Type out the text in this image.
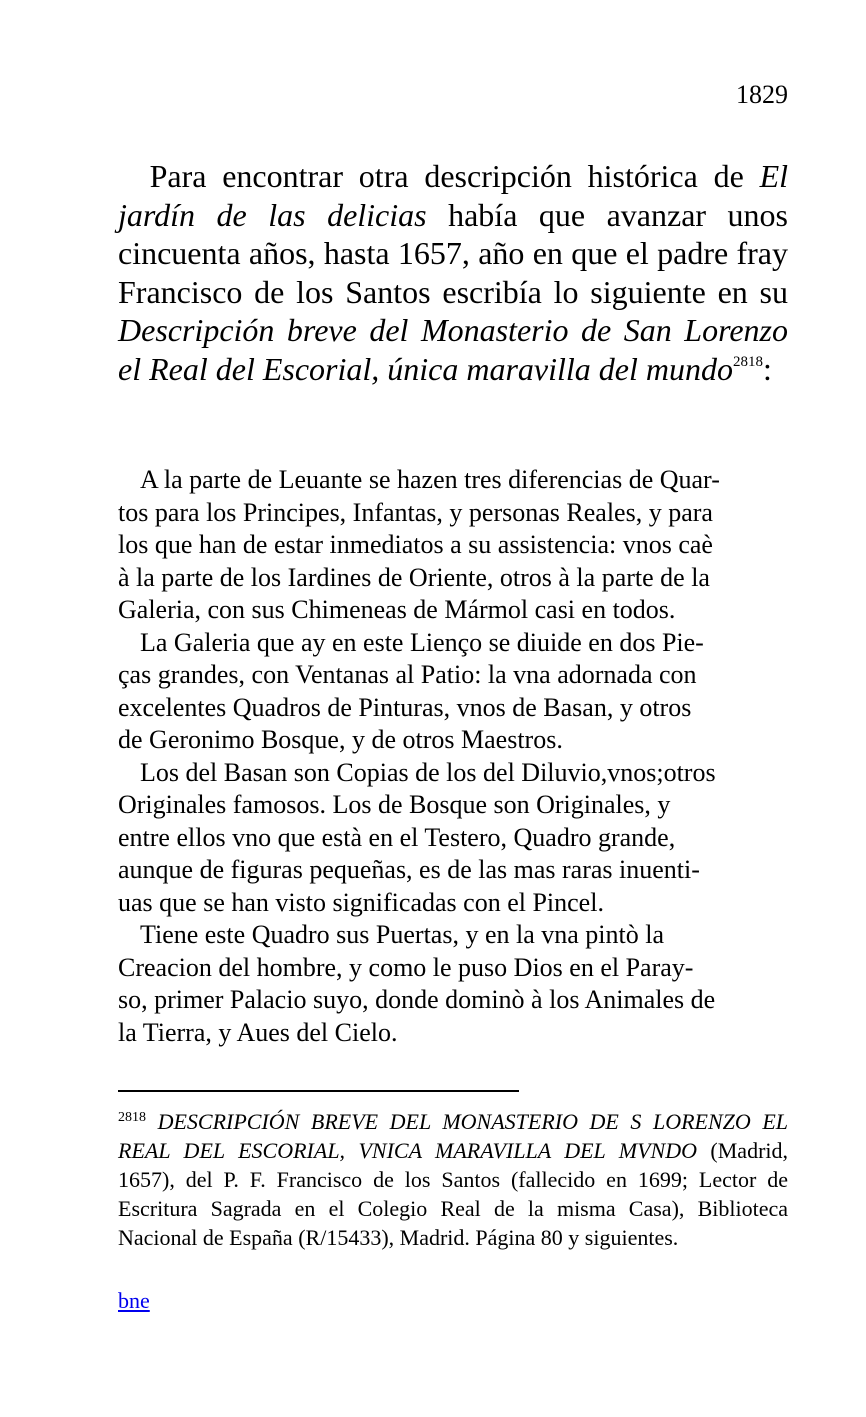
1829

Para encontrar otra descripción histórica de El jardín de las delicias había que avanzar unos cincuenta años, hasta 1657, año en que el padre fray Francisco de los Santos escribía lo siguiente en su Descripción breve del Monasterio de San Lorenzo el Real del Escorial, única maravilla del mundo$^{2818}$:

A la parte de Leuante se hazen tres diferencias de Quar-
tos para los Principes, Infantas, y personas Reales, y para
los que han de estar inmediatos a su assistencia: vnos caè
à la parte de los Iardines de Oriente, otros à la parte de la
Galeria, con sus Chimeneas de Mármol casi en todos.

La Galeria que ay en este Lienço se diuide en dos Pie-
ças grandes, con Ventanas al Patio: la vna adornada con
excelentes Quadros de Pinturas, vnos de Basan, y otros
de Geronimo Bosque, y de otros Maestros.

Los del Basan son Copias de los del Diluvio,vnos;otros
Originales famosos. Los de Bosque son Originales, y
entre ellos vno que està en el Testero, Quadro grande,
aunque de figuras pequeñas, es de las mas raras inuenti-
uas que se han visto significadas con el Pincel.

Tiene este Quadro sus Puertas, y en la vna pintò la
Creacion del hombre, y como le puso Dios en el Paray-
so, primer Palacio suyo, donde dominò à los Animales de
la Tierra, y Aues del Cielo.

$^{2818}$ DESCRIPCIÓN BREVE DEL MONASTERIO DE S LORENZO EL REAL DEL ESCORIAL, VNICA MARAVILLA DEL MVNDO (Madrid, 1657), del P. F. Francisco de los Santos (fallecido en 1699; Lector de Escritura Sagrada en el Colegio Real de la misma Casa), Biblioteca Nacional de España (R/15433), Madrid. Página 80 y siguientes.

bne
